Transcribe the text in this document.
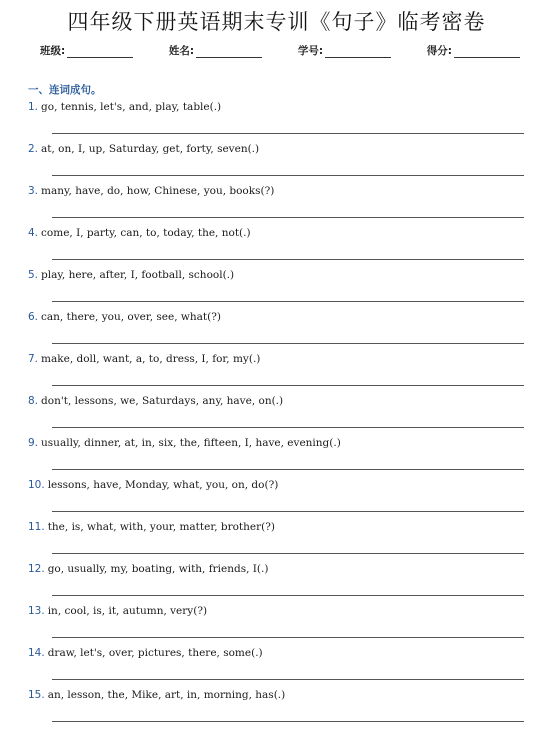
四年级下册英语期末专训《句子》临考密卷
班级:	姓名:	学号:	得分:
一、连词成句。
1. go, tennis, let's, and, play, table(.)
2. at, on, I, up, Saturday, get, forty, seven(.)
3. many, have, do, how, Chinese, you, books(?)
4. come, I, party, can, to, today, the, not(.)
5. play, here, after, I, football, school(.)
6. can, there, you, over, see, what(?)
7. make, doll, want, a, to, dress, I, for, my(.)
8. don't, lessons, we, Saturdays, any, have, on(.)
9. usually, dinner, at, in, six, the, fifteen, I, have, evening(.)
10. lessons, have, Monday, what, you, on, do(?)
11. the, is, what, with, your, matter, brother(?)
12. go, usually, my, boating, with, friends, I(.)
13. in, cool, is, it, autumn, very(?)
14. draw, let's, over, pictures, there, some(.)
15. an, lesson, the, Mike, art, in, morning, has(.)
